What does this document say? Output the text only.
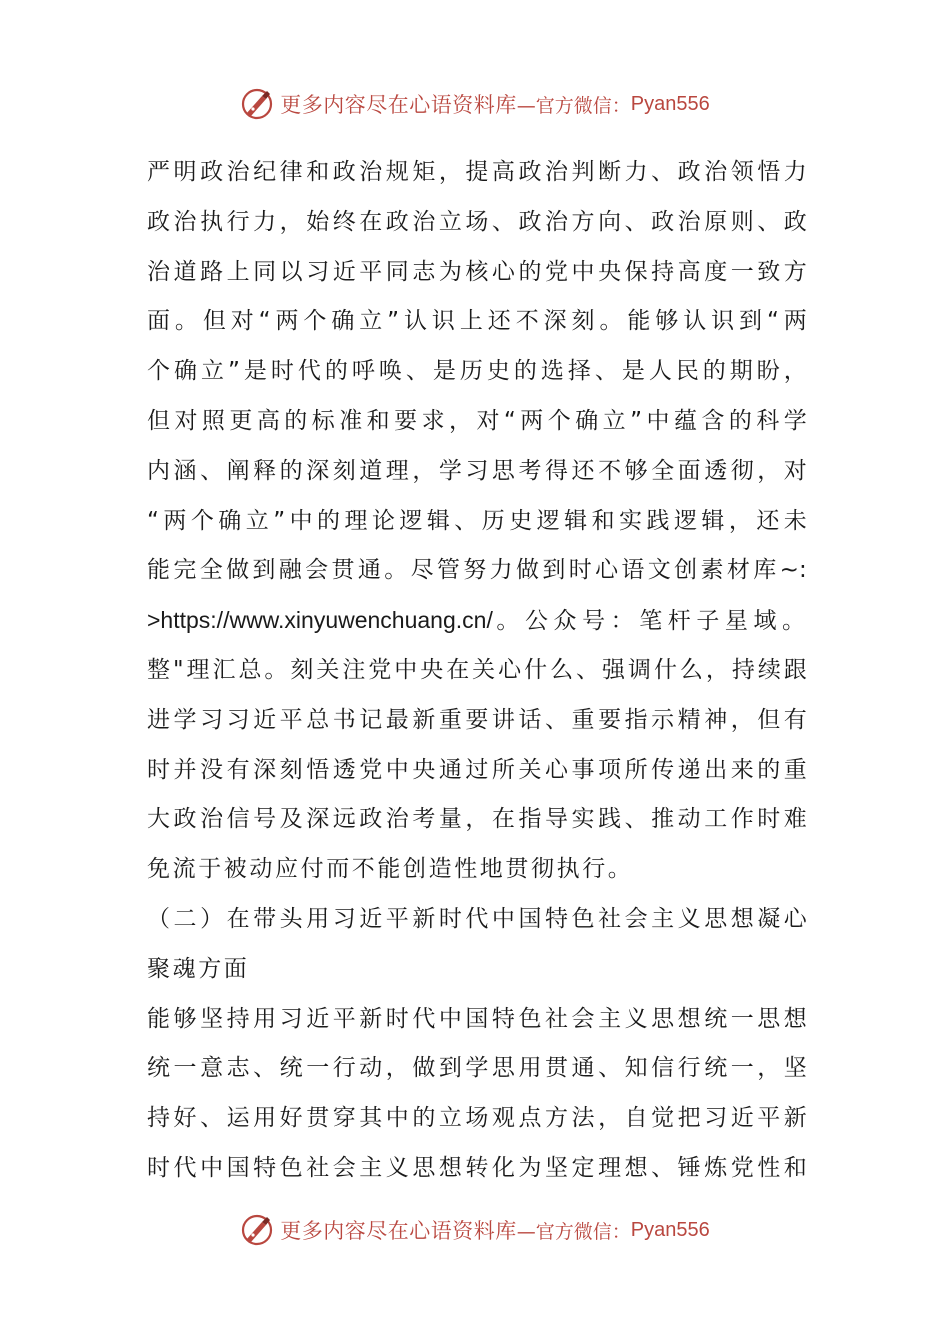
更多内容尽在心语资料库 —官方微信： Pyan556
严明政治纪律和政治规矩，提高政治判断力、政治领悟力
政治执行力，始终在政治立场、政治方向、政治原则、政
治道路上同以习近平同志为核心的党中央保持高度一致方
面。但对“两个确立”认识上还不深刻。能够认识到“两
个确立”是时代的呼唤、是历史的选择、是人民的期盼，
但对照更高的标准和要求，对“两个确立”中蕴含的科学
内涵、阐释的深刻道理，学习思考得还不够全面透彻，对
“两个确立”中的理论逻辑、历史逻辑和实践逻辑，还未
能完全做到融会贯通。尽管努力做到时心语文创素材库~:
>https://www.xinyuwenchuang.cn/。公众号：笔杆子星域。
整"理汇总。刻关注党中央在关心什么、强调什么，持续跟
进学习习近平总书记最新重要讲话、重要指示精神，但有
时并没有深刻悟透党中央通过所关心事项所传递出来的重
大政治信号及深远政治考量，在指导实践、推动工作时难
免流于被动应付而不能创造性地贯彻执行。
（二）在带头用习近平新时代中国特色社会主义思想凝心
聚魂方面
能够坚持用习近平新时代中国特色社会主义思想统一思想
统一意志、统一行动，做到学思用贯通、知信行统一，坚
持好、运用好贯穿其中的立场观点方法，自觉把习近平新
时代中国特色社会主义思想转化为坚定理想、锤炼党性和
更多内容尽在心语资料库 —官方微信： Pyan556
